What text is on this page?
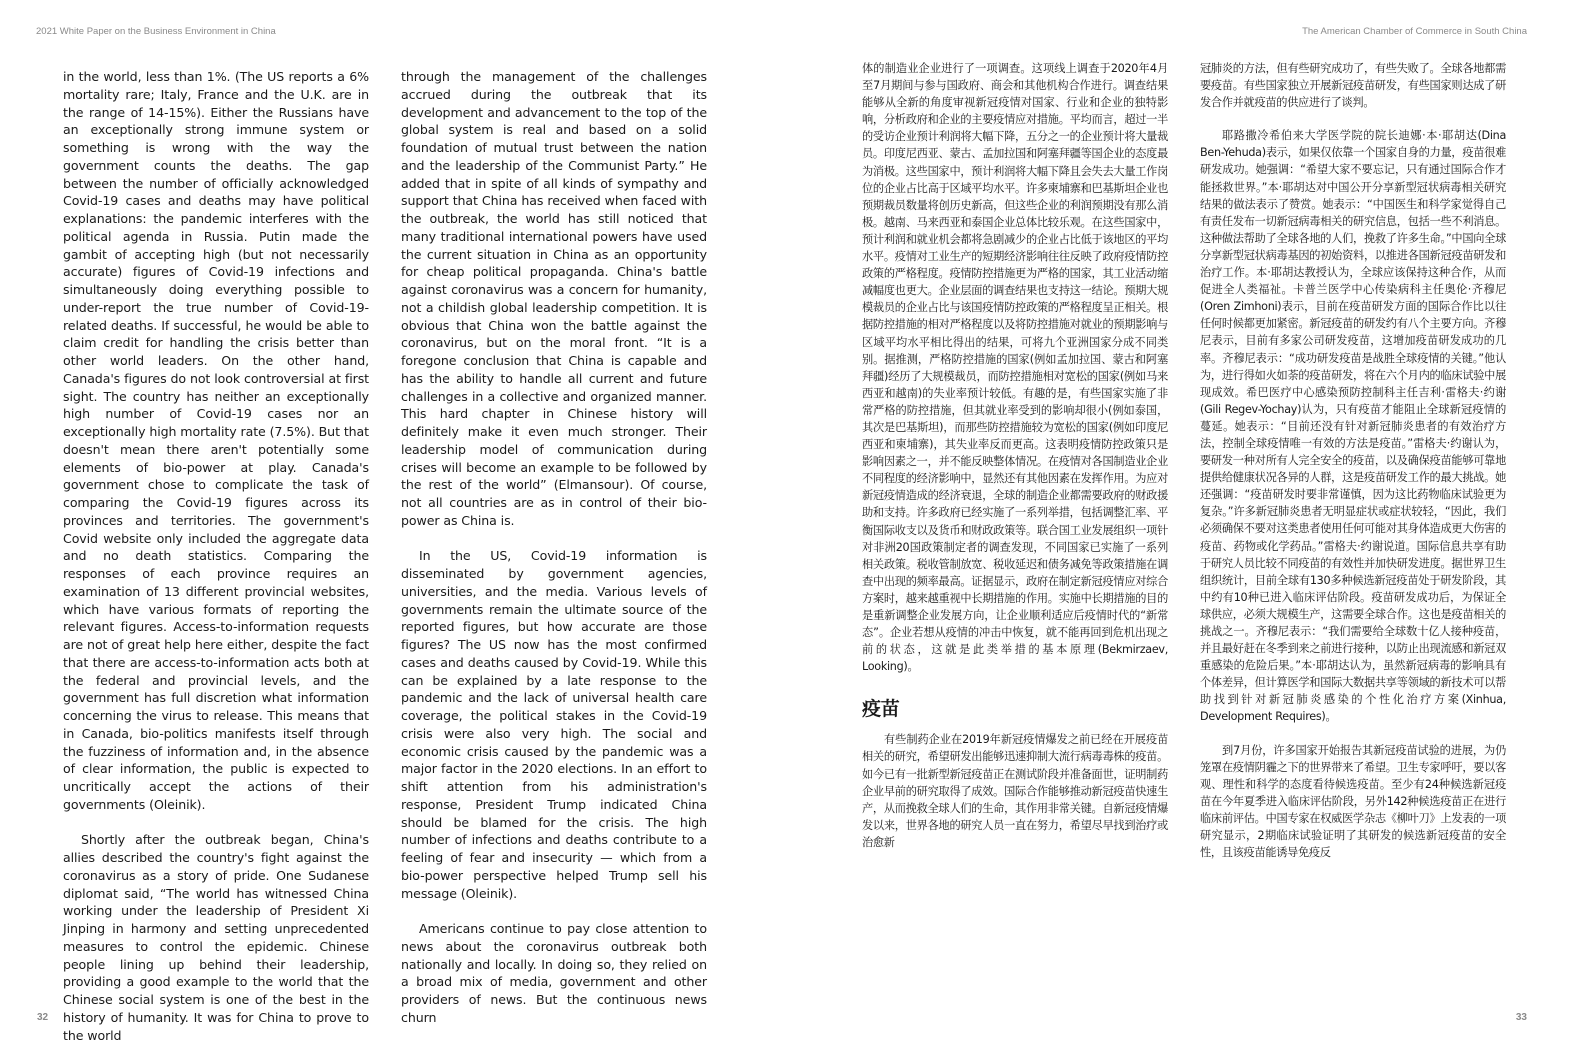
2021 White Paper on the Business Environment in China	The American Chamber of Commerce in South China

in the world, less than 1%. (The US reports a 6% mortality rare; Italy, France and the U.K. are in the range of 14-15%). Either the Russians have an exceptionally strong immune system or something is wrong with the way the government counts the deaths. The gap between the number of officially acknowledged Covid-19 cases and deaths may have political explanations: the pandemic interferes with the political agenda in Russia. Putin made the gambit of accepting high (but not necessarily accurate) figures of Covid-19 infections and simultaneously doing everything possible to under-report the true number of Covid-19-related deaths. If successful, he would be able to claim credit for handling the crisis better than other world leaders. On the other hand, Canada's figures do not look controversial at first sight. The country has neither an exceptionally high number of Covid-19 cases nor an exceptionally high mortality rate (7.5%). But that doesn't mean there aren't potentially some elements of bio-power at play. Canada's government chose to complicate the task of comparing the Covid-19 figures across its provinces and territories. The government's Covid website only included the aggregate data and no death statistics. Comparing the responses of each province requires an examination of 13 different provincial websites, which have various formats of reporting the relevant figures. Access-to-information requests are not of great help here either, despite the fact that there are access-to-information acts both at the federal and provincial levels, and the government has full discretion what information concerning the virus to release. This means that in Canada, bio-politics manifests itself through the fuzziness of information and, in the absence of clear information, the public is expected to uncritically accept the actions of their governments (Oleinik).

Shortly after the outbreak began, China's allies described the country's fight against the coronavirus as a story of pride. One Sudanese diplomat said, “The world has witnessed China working under the leadership of President Xi Jinping in harmony and setting unprecedented measures to control the epidemic. Chinese people lining up behind their leadership, providing a good example to the world that the Chinese social system is one of the best in the history of humanity. It was for China to prove to the world

through the management of the challenges accrued during the outbreak that its development and advancement to the top of the global system is real and based on a solid foundation of mutual trust between the nation and the leadership of the Communist Party.” He added that in spite of all kinds of sympathy and support that China has received when faced with the outbreak, the world has still noticed that many traditional international powers have used the current situation in China as an opportunity for cheap political propaganda. China's battle against coronavirus was a concern for humanity, not a childish global leadership competition. It is obvious that China won the battle against the coronavirus, but on the moral front. “It is a foregone conclusion that China is capable and has the ability to handle all current and future challenges in a collective and organized manner. This hard chapter in Chinese history will definitely make it even much stronger. Their leadership model of communication during crises will become an example to be followed by the rest of the world” (Elmansour). Of course, not all countries are as in control of their bio-power as China is.

In the US, Covid-19 information is disseminated by government agencies, universities, and the media. Various levels of governments remain the ultimate source of the reported figures, but how accurate are those figures? The US now has the most confirmed cases and deaths caused by Covid-19. While this can be explained by a late response to the pandemic and the lack of universal health care coverage, the political stakes in the Covid-19 crisis were also very high. The social and economic crisis caused by the pandemic was a major factor in the 2020 elections. In an effort to shift attention from his administration's response, President Trump indicated China should be blamed for the crisis. The high number of infections and deaths contribute to a feeling of fear and insecurity — which from a bio-power perspective helped Trump sell his message (Oleinik).

Americans continue to pay close attention to news about the coronavirus outbreak both nationally and locally. In doing so, they relied on a broad mix of media, government and other providers of news. But the continuous news churn

体的制造业企业进行了一项调查。这项线上调查于2020年4月至7月期间与参与国政府、商会和其他机构合作进行。调查结果能够从全新的角度审视新冠疫情对国家、行业和企业的独特影响，分析政府和企业的主要疫情应对措施。平均而言，超过一半的受访企业预计利润将大幅下降，五分之一的企业预计将大量裁员。印度尼西亚、蒙古、孟加拉国和阿塞拜疆等国企业的态度最为消极。这些国家中，预计利润将大幅下降且会失去大量工作岗位的企业占比高于区域平均水平。许多柬埔寨和巴基斯坦企业也预期裁员数量将创历史新高，但这些企业的利润预期没有那么消极。越南、马来西亚和泰国企业总体比较乐观。在这些国家中，预计利润和就业机会都将急剧减少的企业占比低于该地区的平均水平。疫情对工业生产的短期经济影响往往反映了政府疫情防控政策的严格程度。疫情防控措施更为严格的国家，其工业活动缩减幅度也更大。企业层面的调查结果也支持这一结论。预期大规模裁员的企业占比与该国疫情防控政策的严格程度呈正相关。根据防控措施的相对严格程度以及将防控措施对就业的预期影响与区域平均水平相比得出的结果，可将九个亚洲国家分成不同类别。据推测，严格防控措施的国家(例如孟加拉国、蒙古和阿塞拜疆)经历了大规模裁员，而防控措施相对宽松的国家(例如马来西亚和越南)的失业率预计较低。有趣的是，有些国家实施了非常严格的防控措施，但其就业率受到的影响却很小(例如泰国，其次是巴基斯坦)，而那些防控措施较为宽松的国家(例如印度尼西亚和柬埔寨)，其失业率反而更高。这表明疫情防控政策只是影响因素之一，并不能反映整体情况。在疫情对各国制造业企业不同程度的经济影响中，显然还有其他因素在发挥作用。为应对新冠疫情造成的经济衰退，全球的制造企业都需要政府的财政援助和支持。许多政府已经实施了一系列举措，包括调整汇率、平衡国际收支以及货币和财政政策等。联合国工业发展组织一项针对非洲20国政策制定者的调查发现，不同国家已实施了一系列相关政策。税收管制放宽、税收延迟和债务减免等政策措施在调查中出现的频率最高。证据显示，政府在制定新冠疫情应对综合方案时，越来越重视中长期措施的作用。实施中长期措施的目的是重新调整企业发展方向，让企业顺利适应后疫情时代的“新常态”。企业若想从疫情的冲击中恢复，就不能再回到危机出现之前的状态，这就是此类举措的基本原理(Bekmirzaev, Looking)。

疫苗

有些制药企业在2019年新冠疫情爆发之前已经在开展疫苗相关的研究，希望研发出能够迅速抑制大流行病毒毒株的疫苗。如今已有一批新型新冠疫苗正在测试阶段并准备面世，证明制药企业早前的研究取得了成效。国际合作能够推动新冠疫苗快速生产，从而挽救全球人们的生命，其作用非常关键。自新冠疫情爆发以来，世界各地的研究人员一直在努力，希望尽早找到治疗或治愈新

冠肺炎的方法，但有些研究成功了，有些失败了。全球各地都需要疫苗。有些国家独立开展新冠疫苗研发，有些国家则达成了研发合作并就疫苗的供应进行了谈判。

耶路撒冷希伯来大学医学院的院长迪娜·本·耶胡达(Dina Ben-Yehuda)表示，如果仅依靠一个国家自身的力量，疫苗很难研发成功。她强调：“希望大家不要忘记，只有通过国际合作才能拯救世界。”本·耶胡达对中国公开分享新型冠状病毒相关研究结果的做法表示了赞赏。她表示：“中国医生和科学家觉得自己有责任发布一切新冠病毒相关的研究信息，包括一些不利消息。这种做法帮助了全球各地的人们，挽救了许多生命。”中国向全球分享新型冠状病毒基因的初始资料，以推进各国新冠疫苗研发和治疗工作。本·耶胡达教授认为，全球应该保持这种合作，从而促进全人类福祉。卡普兰医学中心传染病科主任奥伦·齐穆尼(Oren Zimhoni)表示，目前在疫苗研发方面的国际合作比以往任何时候都更加紧密。新冠疫苗的研发约有八个主要方向。齐穆尼表示，目前有多家公司研发疫苗，这增加疫苗研发成功的几率。齐穆尼表示：“成功研发疫苗是战胜全球疫情的关键。”他认为，进行得如火如荼的疫苗研发，将在六个月内的临床试验中展现成效。希巴医疗中心感染预防控制科主任吉利·雷格夫·约谢(Gili Regev-Yochay)认为，只有疫苗才能阻止全球新冠疫情的蔓延。她表示：“目前还没有针对新冠肺炎患者的有效治疗方法，控制全球疫情唯一有效的方法是疫苗。”雷格夫·约谢认为，要研发一种对所有人完全安全的疫苗，以及确保疫苗能够可靠地提供给健康状况各异的人群，这是疫苗研发工作的最大挑战。她还强调：“疫苗研发时要非常谨慎，因为这比药物临床试验更为复杂。”许多新冠肺炎患者无明显症状或症状较轻，“因此，我们必须确保不要对这类患者使用任何可能对其身体造成更大伤害的疫苗、药物或化学药品。”雷格夫·约谢说道。国际信息共享有助于研究人员比较不同疫苗的有效性并加快研发进度。据世界卫生组织统计，目前全球有130多种候选新冠疫苗处于研发阶段，其中约有10种已进入临床评估阶段。疫苗研发成功后，为保证全球供应，必须大规模生产，这需要全球合作。这也是疫苗相关的挑战之一。齐穆尼表示：“我们需要给全球数十亿人接种疫苗，并且最好赶在冬季到来之前进行接种，以防止出现流感和新冠双重感染的危险后果。”本·耶胡达认为，虽然新冠病毒的影响具有个体差异，但计算医学和国际大数据共享等领域的新技术可以帮助找到针对新冠肺炎感染的个性化治疗方案(Xinhua, Development Requires)。

到7月份，许多国家开始报告其新冠疫苗试验的进展，为仍笼罩在疫情阴霾之下的世界带来了希望。卫生专家呼吁，要以客观、理性和科学的态度看待候选疫苗。至少有24种候选新冠疫苗在今年夏季进入临床评估阶段，另外142种候选疫苗正在进行临床前评估。中国专家在权威医学杂志《柳叶刀》上发表的一项研究显示，2期临床试验证明了其研发的候选新冠疫苗的安全性，且该疫苗能诱导免疫反

32	33
